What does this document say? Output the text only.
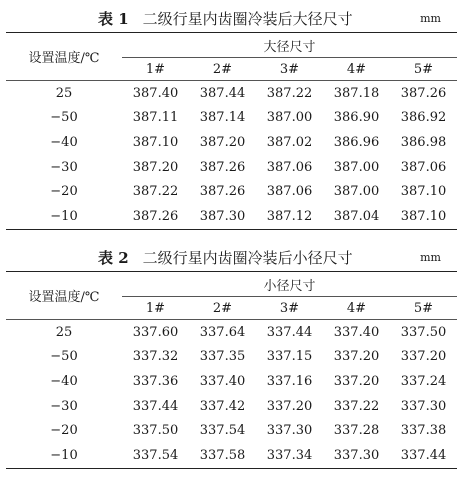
表 1 二级行星内齿圈冷装后大径尺寸	mm
设置温度/℃	大径尺寸				
	1#	2#	3#	4#	5#
25	387.40	387.44	387.22	387.18	387.26
−50	387.11	387.14	387.00	386.90	386.92
−40	387.10	387.20	387.02	386.96	386.98
−30	387.20	387.26	387.06	387.00	387.06
−20	387.22	387.26	387.06	387.00	387.10
−10	387.26	387.30	387.12	387.04	387.10
表 2 二级行星内齿圈冷装后小径尺寸	mm
设置温度/℃	小径尺寸				
	1#	2#	3#	4#	5#
25	337.60	337.64	337.44	337.40	337.50
−50	337.32	337.35	337.15	337.20	337.20
−40	337.36	337.40	337.16	337.20	337.24
−30	337.44	337.42	337.20	337.22	337.30
−20	337.50	337.54	337.30	337.28	337.38
−10	337.54	337.58	337.34	337.30	337.44
